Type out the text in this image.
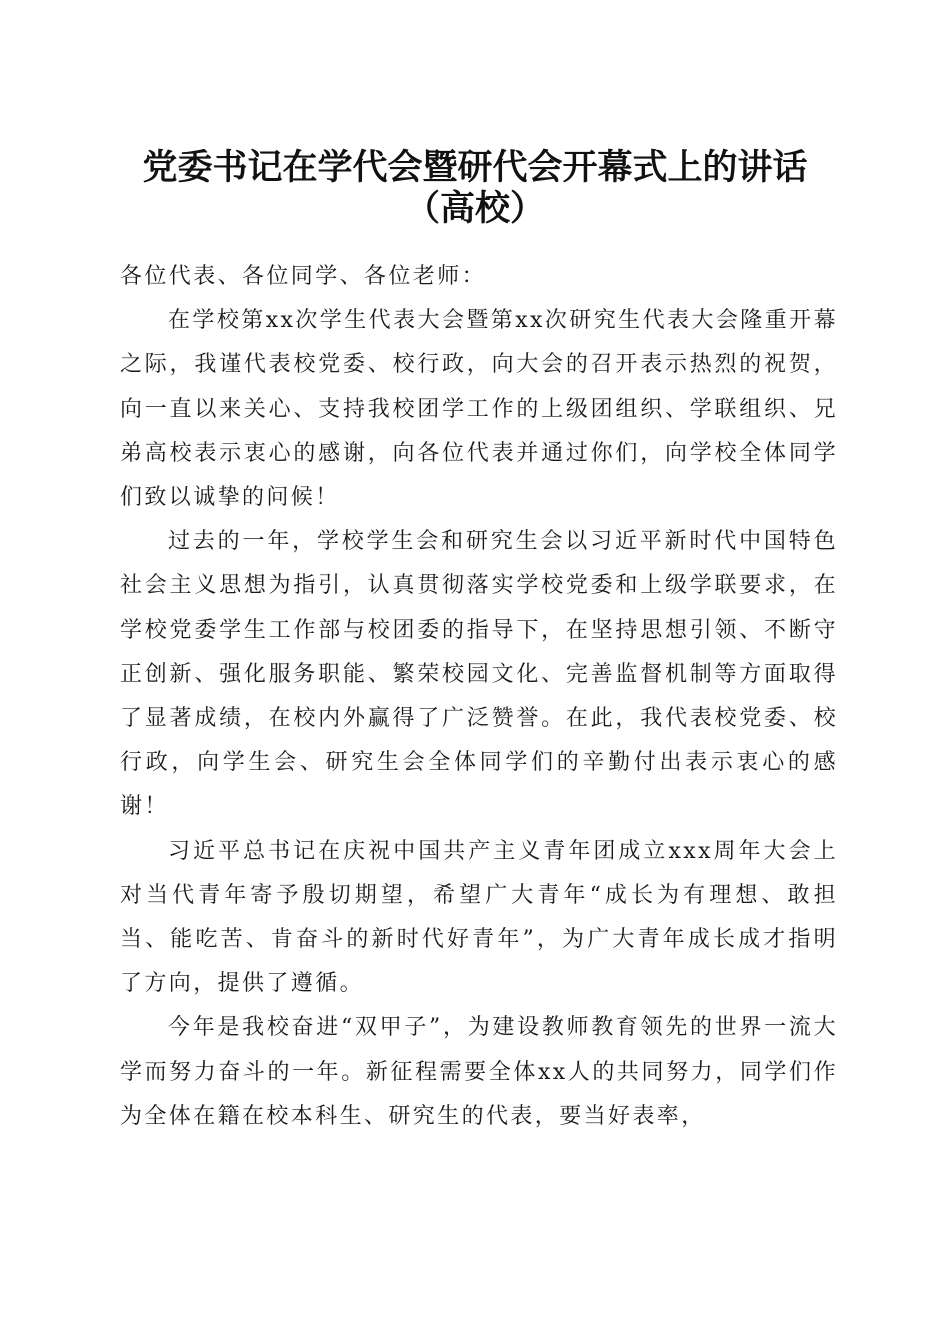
党委书记在学代会暨研代会开幕式上的讲话
（高校）

各位代表、各位同学、各位老师：

在学校第xx次学生代表大会暨第xx次研究生代表大会隆重开幕之际，我谨代表校党委、校行政，向大会的召开表示热烈的祝贺，向一直以来关心、支持我校团学工作的上级团组织、学联组织、兄弟高校表示衷心的感谢，向各位代表并通过你们，向学校全体同学们致以诚挚的问候！

过去的一年，学校学生会和研究生会以习近平新时代中国特色社会主义思想为指引，认真贯彻落实学校党委和上级学联要求，在学校党委学生工作部与校团委的指导下，在坚持思想引领、不断守正创新、强化服务职能、繁荣校园文化、完善监督机制等方面取得了显著成绩，在校内外赢得了广泛赞誉。在此，我代表校党委、校行政，向学生会、研究生会全体同学们的辛勤付出表示衷心的感谢！

习近平总书记在庆祝中国共产主义青年团成立xxx周年大会上对当代青年寄予殷切期望，希望广大青年“成长为有理想、敢担当、能吃苦、肯奋斗的新时代好青年”，为广大青年成长成才指明了方向，提供了遵循。

今年是我校奋进“双甲子”，为建设教师教育领先的世界一流大学而努力奋斗的一年。新征程需要全体xx人的共同努力，同学们作为全体在籍在校本科生、研究生的代表，要当好表率，
